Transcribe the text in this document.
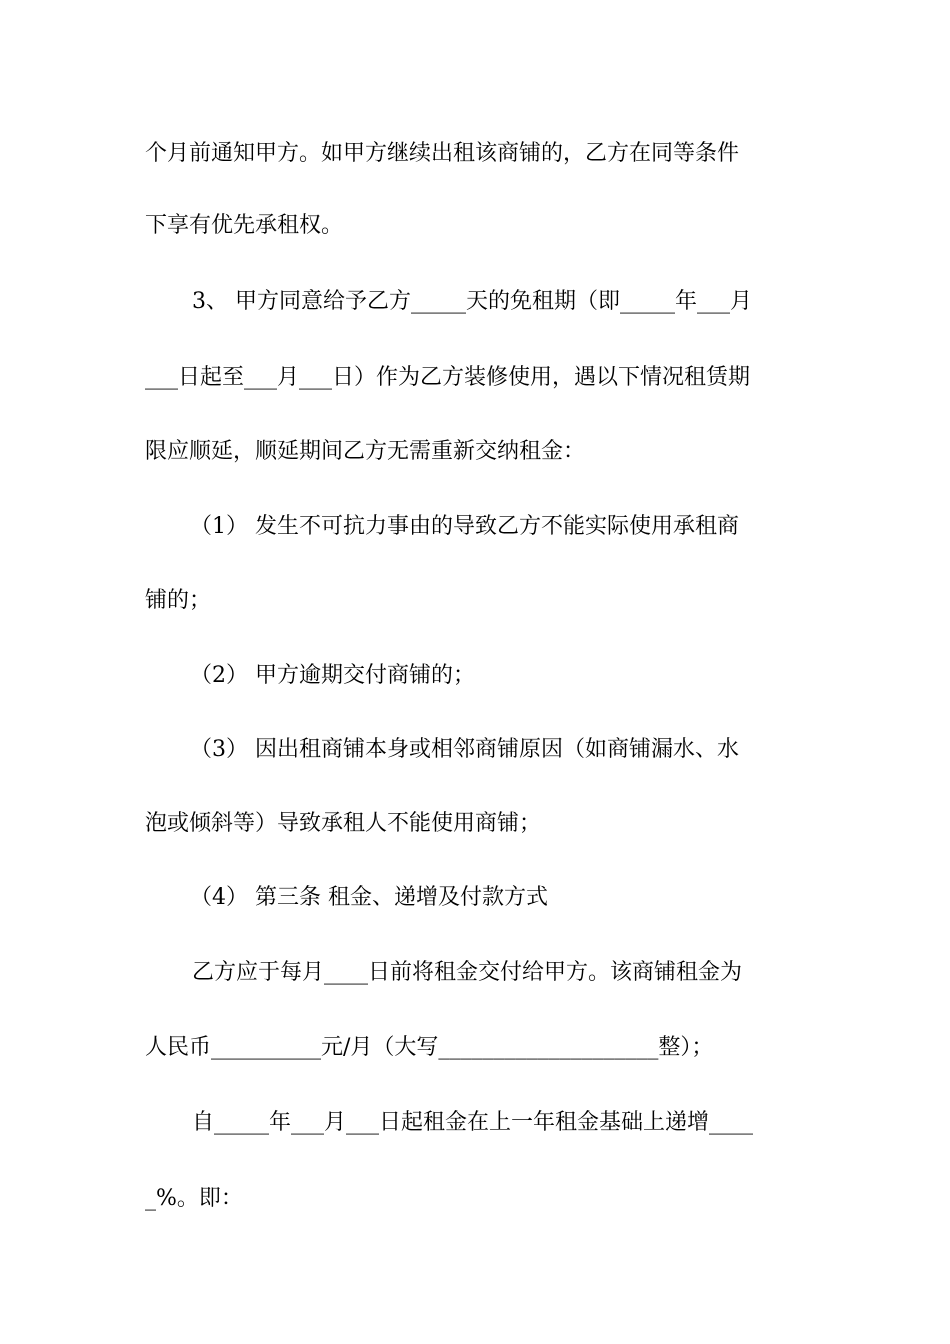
个月前通知甲方。如甲方继续出租该商铺的，乙方在同等条件
下享有优先承租权。
3、 甲方同意给予乙方_____天的免租期（即_____年___月
___日起至___月___日）作为乙方装修使用，遇以下情况租赁期
限应顺延，顺延期间乙方无需重新交纳租金：
（1） 发生不可抗力事由的导致乙方不能实际使用承租商
铺的；
（2） 甲方逾期交付商铺的；
（3） 因出租商铺本身或相邻商铺原因（如商铺漏水、水
泡或倾斜等）导致承租人不能使用商铺；
（4） 第三条 租金、递增及付款方式
乙方应于每月____日前将租金交付给甲方。该商铺租金为
人民币__________元/月（大写____________________整）；
自_____年___月___日起租金在上一年租金基础上递增____
_%。即：
